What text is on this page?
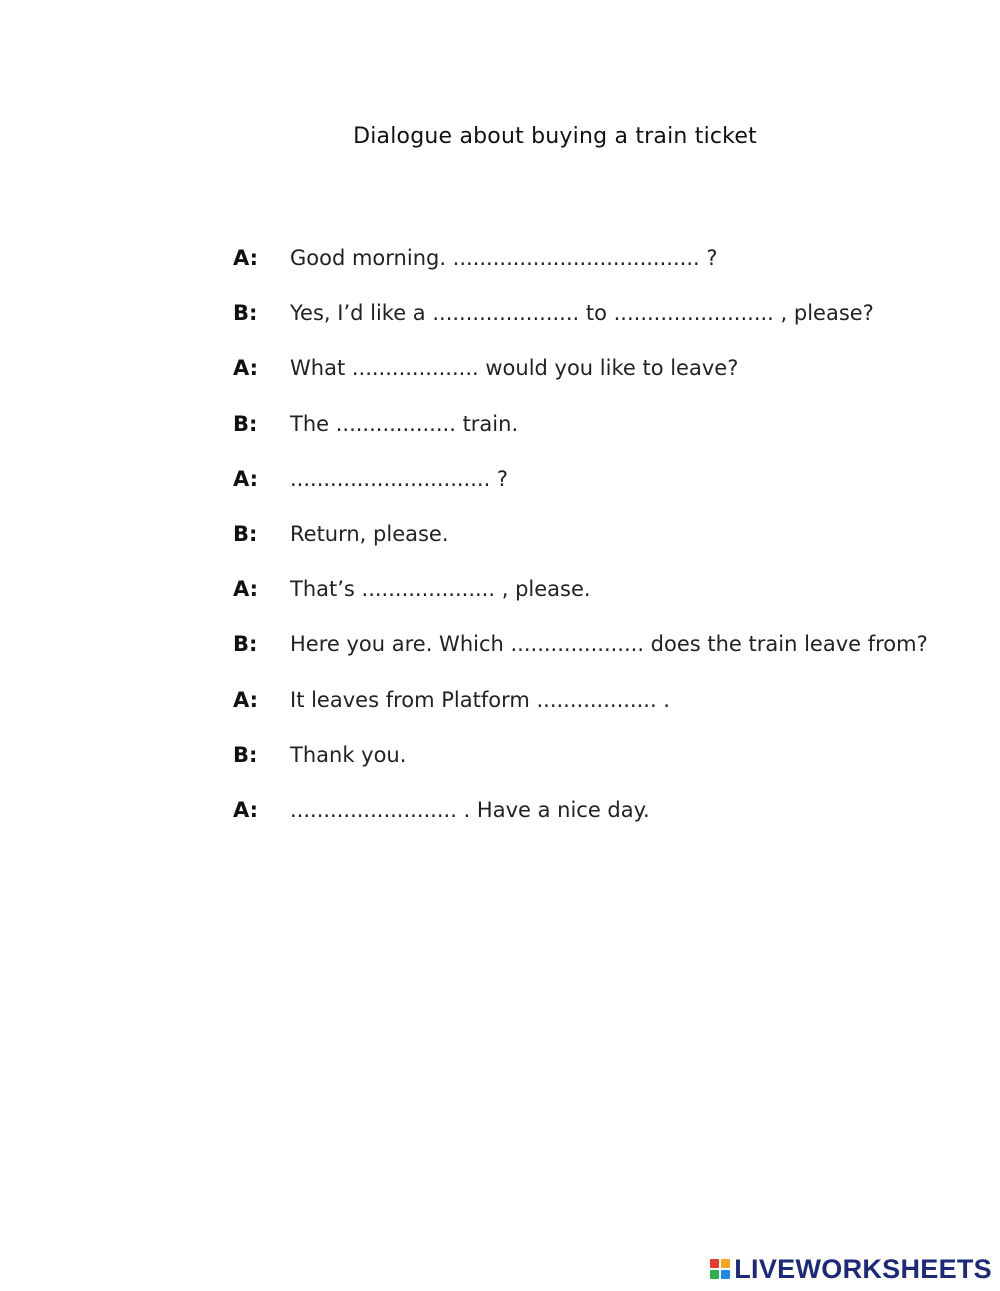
Dialogue about buying a train ticket
A:	Good morning. ..................................... ?
B:	Yes, I’d like a ...................... to ........................ , please?
A:	What ................... would you like to leave?
B:	The .................. train.
A:	.............................. ?
B:	Return, please.
A:	That’s .................... , please.
B:	Here you are. Which .................... does the train leave from?
A:	It leaves from Platform .................. .
B:	Thank you.
A:	......................... . Have a nice day.
LIVEWORKSHEETS
